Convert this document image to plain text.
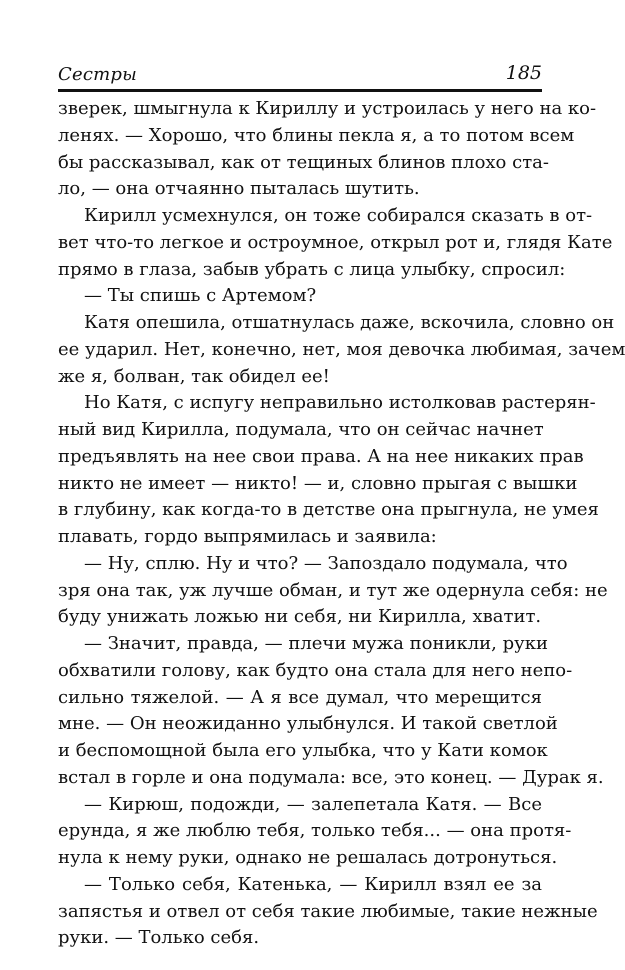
Сестры	185
зверек, шмыгнула к Кириллу и устроилась у него на ко-
ленях. — Хорошо, что блины пекла я, а то потом всем
бы рассказывал, как от тещиных блинов плохо ста-
ло, — она отчаянно пыталась шутить.
Кирилл усмехнулся, он тоже собирался сказать в от-
вет что-то легкое и остроумное, открыл рот и, глядя Кате
прямо в глаза, забыв убрать с лица улыбку, спросил:
— Ты спишь с Артемом?
Катя опешила, отшатнулась даже, вскочила, словно он
ее ударил. Нет, конечно, нет, моя девочка любимая, зачем
же я, болван, так обидел ее!
Но Катя, с испугу неправильно истолковав растерян-
ный вид Кирилла, подумала, что он сейчас начнет
предъявлять на нее свои права. А на нее никаких прав
никто не имеет — никто! — и, словно прыгая с вышки
в глубину, как когда-то в детстве она прыгнула, не умея
плавать, гордо выпрямилась и заявила:
— Ну, сплю. Ну и что? — Запоздало подумала, что
зря она так, уж лучше обман, и тут же одернула себя: не
буду унижать ложью ни себя, ни Кирилла, хватит.
— Значит, правда, — плечи мужа поникли, руки
обхватили голову, как будто она стала для него непо-
сильно тяжелой. — А я все думал, что мерещится
мне. — Он неожиданно улыбнулся. И такой светлой
и беспомощной была его улыбка, что у Кати комок
встал в горле и она подумала: все, это конец. — Дурак я.
— Кирюш, подожди, — залепетала Катя. — Все
ерунда, я же люблю тебя, только тебя... — она протя-
нула к нему руки, однако не решалась дотронуться.
— Только себя, Катенька, — Кирилл взял ее за
запястья и отвел от себя такие любимые, такие нежные
руки. — Только себя.
